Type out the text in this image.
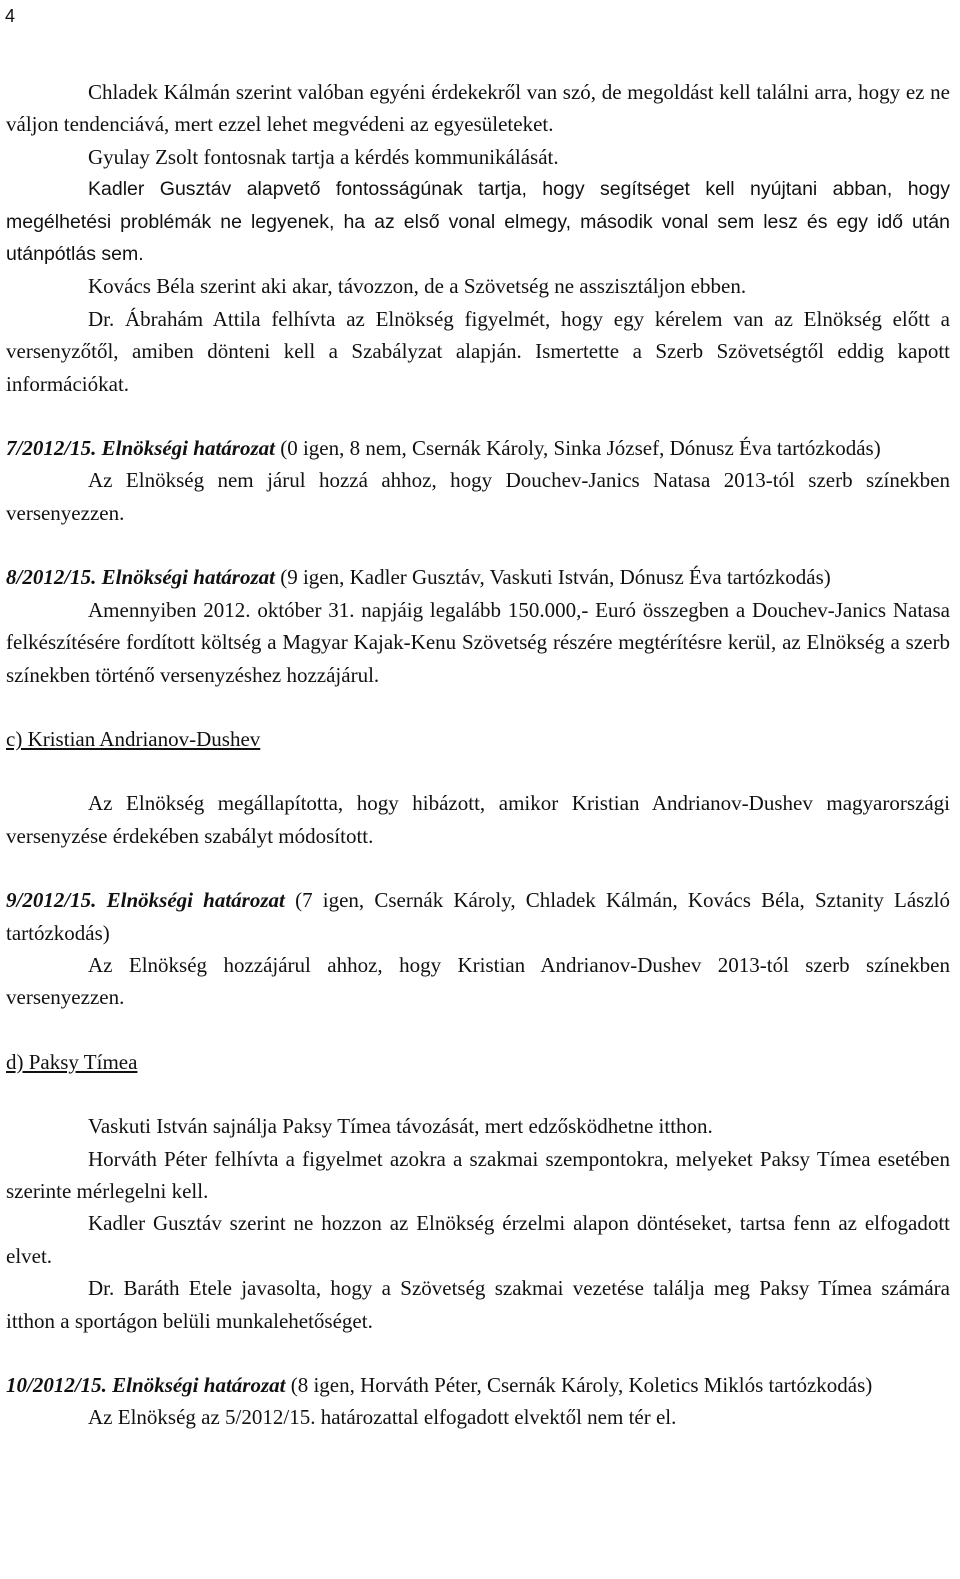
4

Chladek Kálmán szerint valóban egyéni érdekekről van szó, de megoldást kell találni arra, hogy ez ne váljon tendenciává, mert ezzel lehet megvédeni az egyesületeket.

Gyulay Zsolt fontosnak tartja a kérdés kommunikálását.

Kadler Gusztáv alapvető fontosságúnak tartja, hogy segítséget kell nyújtani abban, hogy megélhetési problémák ne legyenek, ha az első vonal elmegy, második vonal sem lesz és egy idő után utánpótlás sem.

Kovács Béla szerint aki akar, távozzon, de a Szövetség ne asszisztáljon ebben.

Dr. Ábrahám Attila felhívta az Elnökség figyelmét, hogy egy kérelem van az Elnökség előtt a versenyzőtől, amiben dönteni kell a Szabályzat alapján. Ismertette a Szerb Szövetségtől eddig kapott információkat.

7/2012/15. Elnökségi határozat (0 igen, 8 nem, Csernák Károly, Sinka József, Dónusz Éva tartózkodás)

Az Elnökség nem járul hozzá ahhoz, hogy Douchev-Janics Natasa 2013-tól szerb színekben versenyezzen.

8/2012/15. Elnökségi határozat (9 igen, Kadler Gusztáv, Vaskuti István, Dónusz Éva tartózkodás)

Amennyiben 2012. október 31. napjáig legalább 150.000,- Euró összegben a Douchev-Janics Natasa felkészítésére fordított költség a Magyar Kajak-Kenu Szövetség részére megtérítésre kerül, az Elnökség a szerb színekben történő versenyzéshez hozzájárul.

c) Kristian Andrianov-Dushev

Az Elnökség megállapította, hogy hibázott, amikor Kristian Andrianov-Dushev magyarországi versenyzése érdekében szabályt módosított.

9/2012/15. Elnökségi határozat (7 igen, Csernák Károly, Chladek Kálmán, Kovács Béla, Sztanity László tartózkodás)

Az Elnökség hozzájárul ahhoz, hogy Kristian Andrianov-Dushev 2013-tól szerb színekben versenyezzen.

d) Paksy Tímea

Vaskuti István sajnálja Paksy Tímea távozását, mert edzősködhetne itthon.

Horváth Péter felhívta a figyelmet azokra a szakmai szempontokra, melyeket Paksy Tímea esetében szerinte mérlegelni kell.

Kadler Gusztáv szerint ne hozzon az Elnökség érzelmi alapon döntéseket, tartsa fenn az elfogadott elvet.

Dr. Baráth Etele javasolta, hogy a Szövetség szakmai vezetése találja meg Paksy Tímea számára itthon a sportágon belüli munkalehetőséget.

10/2012/15. Elnökségi határozat (8 igen, Horváth Péter, Csernák Károly, Koletics Miklós tartózkodás)

Az Elnökség az 5/2012/15. határozattal elfogadott elvektől nem tér el.
